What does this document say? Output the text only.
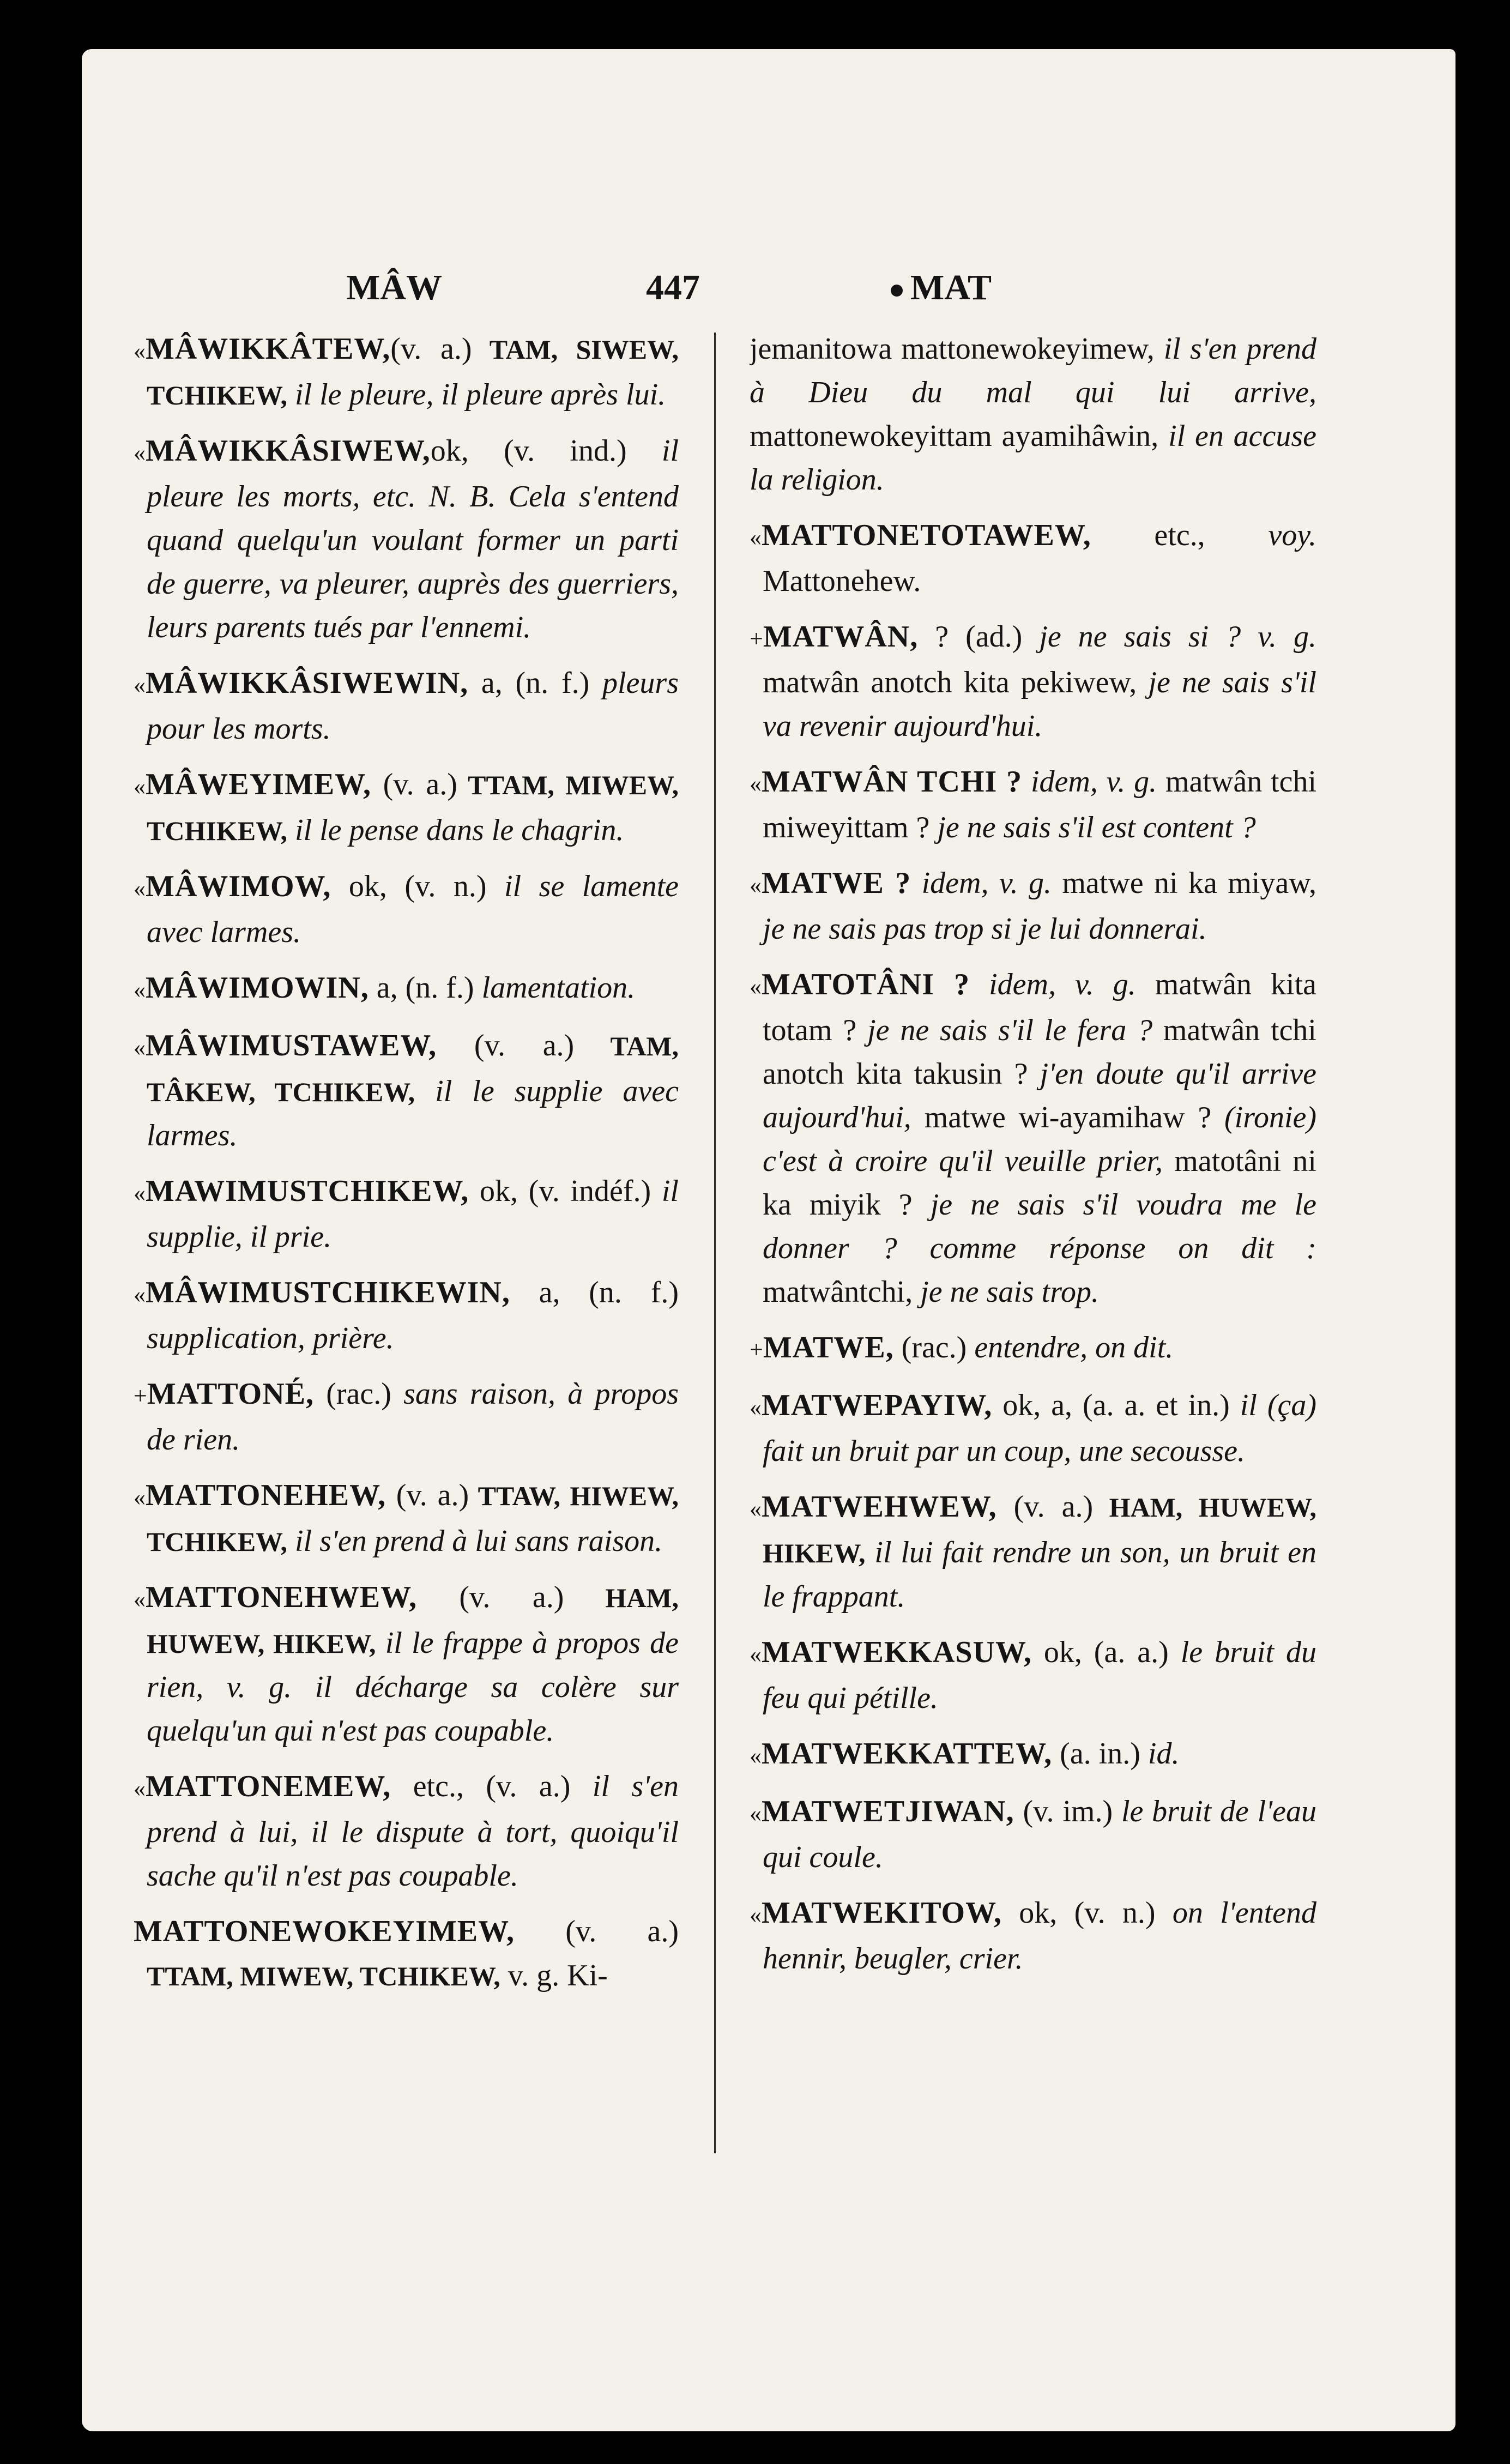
MÂW	447	MAT

«MÂWIKKÂTEW,(v. a.) TAM, SIWEW, TCHIKEW, il le pleure, il pleure après lui.

«MÂWIKKÂSIWEW,ok, (v. ind.) il pleure les morts, etc. N. B. Cela s'entend quand quelqu'un voulant former un parti de guerre, va pleurer, auprès des guerriers, leurs parents tués par l'ennemi.

«MÂWIKKÂSIWEWIN, a, (n. f.) pleurs pour les morts.

«MÂWEYIMEW, (v. a.) TTAM, MIWEW, TCHIKEW, il le pense dans le chagrin.

«MÂWIMOW, ok, (v. n.) il se lamente avec larmes.

«MÂWIMOWIN, a, (n. f.) lamentation.

«MÂWIMUSTAWEW, (v. a.) TAM, TÂKEW, TCHIKEW, il le supplie avec larmes.

«MAWIMUSTCHIKEW, ok, (v. indéf.) il supplie, il prie.

«MÂWIMUSTCHIKEWIN, a, (n. f.) supplication, prière.

+MATTONÉ, (rac.) sans raison, à propos de rien.

«MATTONEHEW, (v. a.) TTAW, HIWEW, TCHIKEW, il s'en prend à lui sans raison.

«MATTONEHWEW, (v. a.) HAM, HUWEW, HIKEW, il le frappe à propos de rien, v. g. il décharge sa colère sur quelqu'un qui n'est pas coupable.

«MATTONEMEW, etc., (v. a.) il s'en prend à lui, il le dispute à tort, quoiqu'il sache qu'il n'est pas coupable.

MATTONEWOKEYIMEW, (v. a.) TTAM, MIWEW, TCHIKEW, v. g. Ki-

jemanitowa mattonewokeyimew, il s'en prend à Dieu du mal qui lui arrive, mattonewokeyittam ayamihâwin, il en accuse la religion.

«MATTONETOTAWEW, etc., voy. Mattonehew.

+MATWÂN, ? (ad.) je ne sais si ? v. g. matwân anotch kita pekiwew, je ne sais s'il va revenir aujourd'hui.

«MATWÂN TCHI ? idem, v. g. matwân tchi miweyittam ? je ne sais s'il est content ?

«MATWE ? idem, v. g. matwe ni ka miyaw, je ne sais pas trop si je lui donnerai.

«MATOTÂNI ? idem, v. g. matwân kita totam ? je ne sais s'il le fera ? matwân tchi anotch kita takusin ? j'en doute qu'il arrive aujourd'hui, matwe wi-ayamihaw ? (ironie) c'est à croire qu'il veuille prier, matotâni ni ka miyik ? je ne sais s'il voudra me le donner ? comme réponse on dit : matwântchi, je ne sais trop.

+MATWE, (rac.) entendre, on dit.

«MATWEPAYIW, ok, a, (a. a. et in.) il (ça) fait un bruit par un coup, une secousse.

«MATWEHWEW, (v. a.) HAM, HUWEW, HIKEW, il lui fait rendre un son, un bruit en le frappant.

«MATWEKKASUW, ok, (a. a.) le bruit du feu qui pétille.

«MATWEKKATTEW, (a. in.) id.

«MATWETJIWAN, (v. im.) le bruit de l'eau qui coule.

«MATWEKITOW, ok, (v. n.) on l'entend hennir, beugler, crier.
